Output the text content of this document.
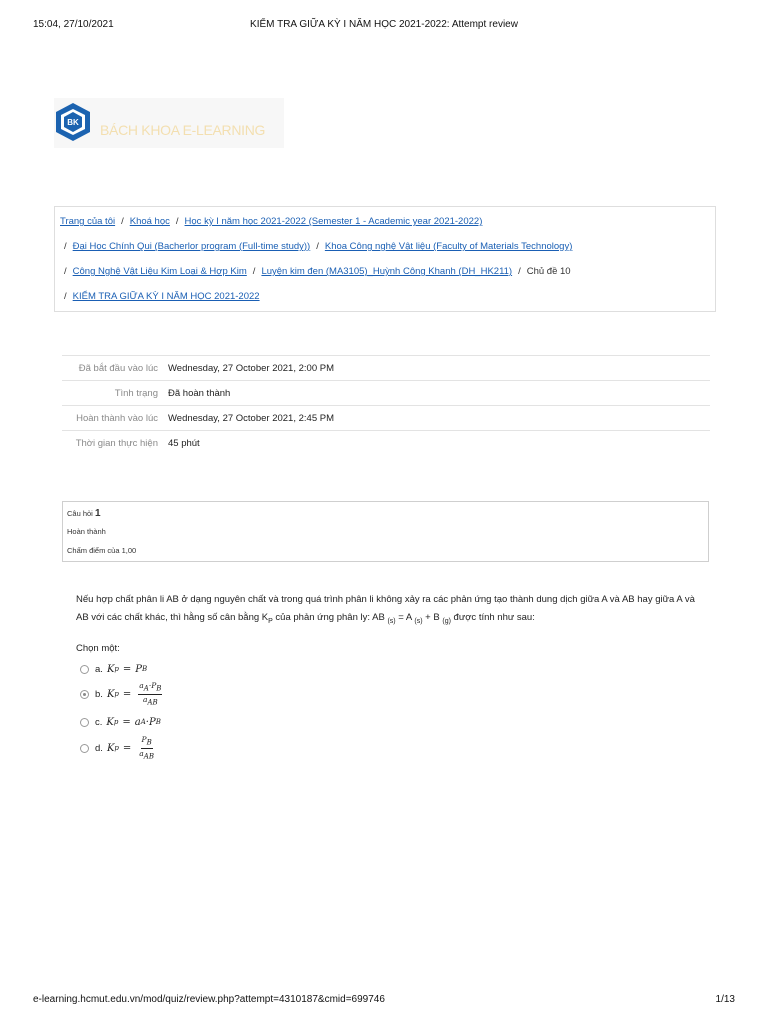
15:04, 27/10/2021	KIỂM TRA GIỮA KỲ I NĂM HỌC 2021-2022: Attempt review
BK BÁCH KHOA E-LEARNING
Trang của tôi / Khoá học / Học kỳ I năm học 2021-2022 (Semester 1 - Academic year 2021-2022)
/ Đại Học Chính Qui (Bacherlor program (Full-time study)) / Khoa Công nghệ Vật liệu (Faculty of Materials Technology)
/ Công Nghệ Vật Liệu Kim Loại & Hợp Kim / Luyện kim đen (MA3105)_Huỳnh Công Khanh (DH_HK211) / Chủ đề 10
/ KIỂM TRA GIỮA KỲ I NĂM HỌC 2021-2022
Đã bắt đầu vào lúc	Wednesday, 27 October 2021, 2:00 PM
Tình trạng	Đã hoàn thành
Hoàn thành vào lúc	Wednesday, 27 October 2021, 2:45 PM
Thời gian thực hiện	45 phút
Câu hỏi 1
Hoàn thành
Chấm điểm của 1,00
Nếu hợp chất phân li AB ở dạng nguyên chất và trong quá trình phân li không xảy ra các phản ứng tạo thành dung dịch giữa A và AB hay giữa A và AB với các chất khác, thì hằng số cân bằng $K_P$ của phản ứng phân ly: AB $_{(s)}$ = A $_{(s)}$ + B $_{(g)}$ được tính như sau:
Chọn một:
a. K p = P B
b. K $p = \frac{a_A\cdot P_B}{a_{AB}}$
c. K p = a A · P B
d. K $p = \frac{P_B}{a_{AB}}$
e-learning.hcmut.edu.vn/mod/quiz/review.php?attempt=4310187&cmid=699746	1/13
